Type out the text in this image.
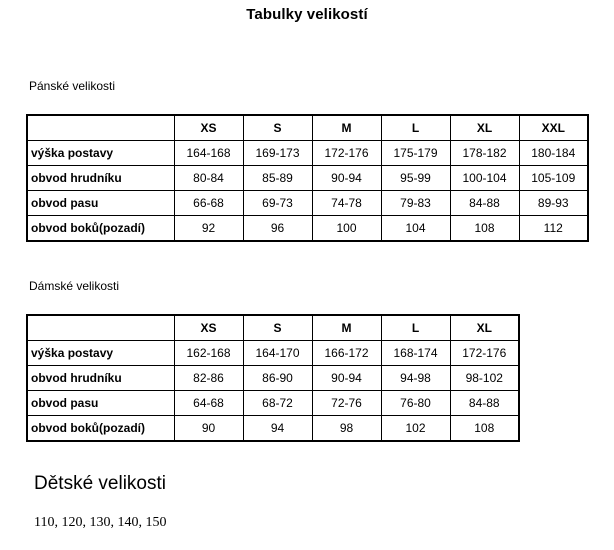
Tabulky velikostí
Pánské velikosti
	XS	S	M	L	XL	XXL
výška postavy	164-168	169-173	172-176	175-179	178-182	180-184
obvod hrudníku	80-84	85-89	90-94	95-99	100-104	105-109
obvod pasu	66-68	69-73	74-78	79-83	84-88	89-93
obvod boků(pozadí)	92	96	100	104	108	112
Dámské velikosti
	XS	S	M	L	XL
výška postavy	162-168	164-170	166-172	168-174	172-176
obvod hrudníku	82-86	86-90	90-94	94-98	98-102
obvod pasu	64-68	68-72	72-76	76-80	84-88
obvod boků(pozadí)	90	94	98	102	108
Dětské velikosti
110, 120, 130, 140, 150
